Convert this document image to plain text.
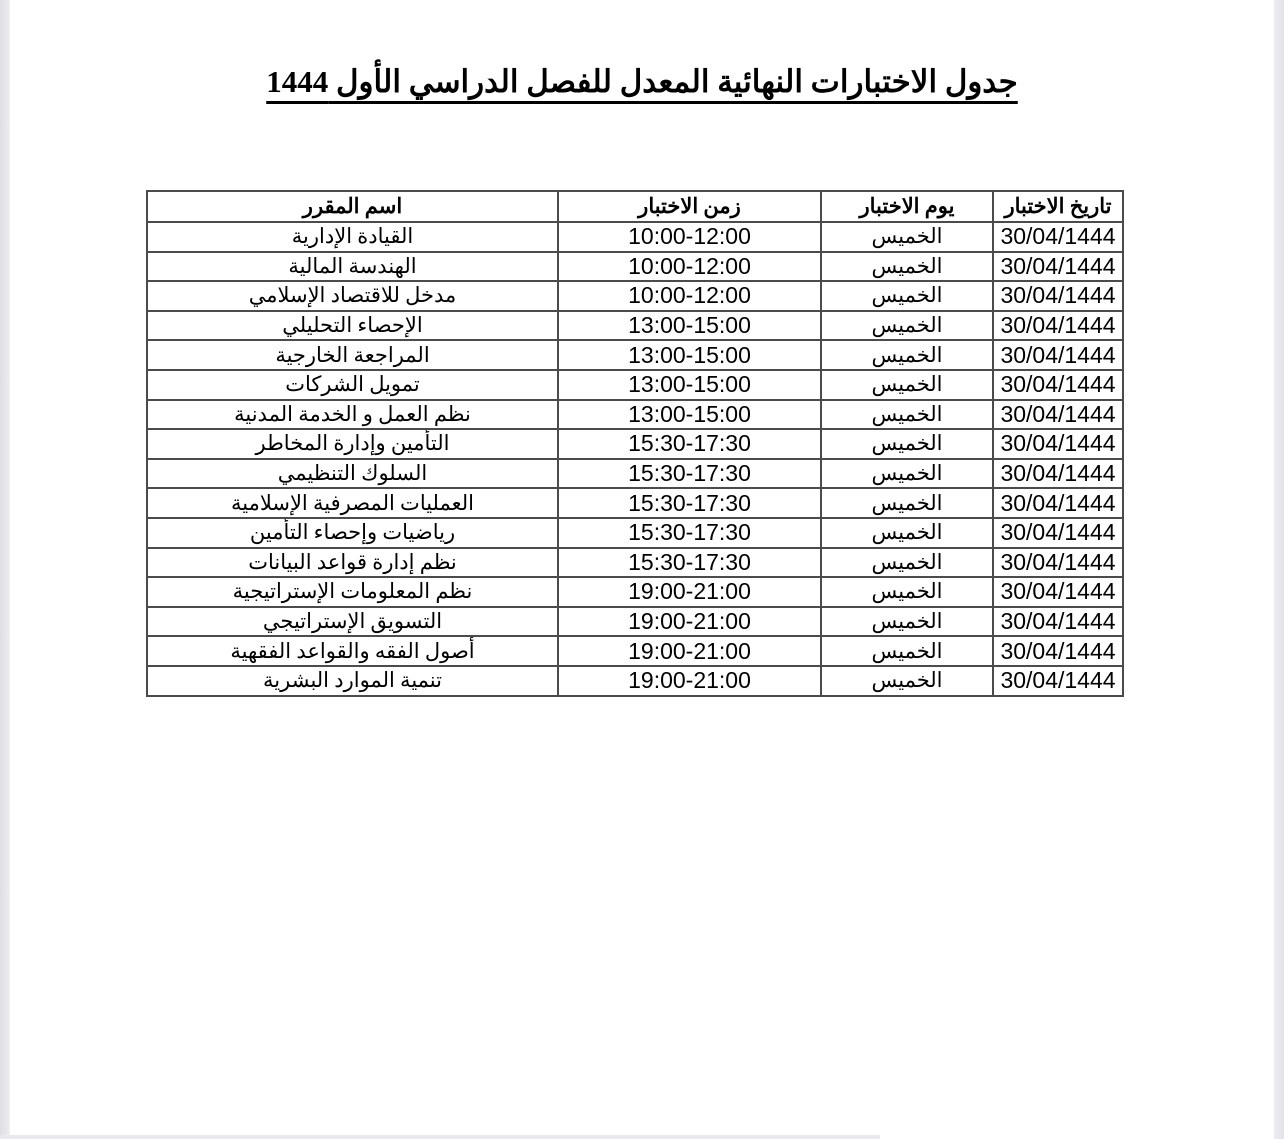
جدول الاختبارات النهائية المعدل للفصل الدراسي الأول 1444
تاريخ الاختبار	يوم الاختبار	زمن الاختبار	اسم المقرر
30/04/1444	الخميس	10:00-12:00	القيادة الإدارية
30/04/1444	الخميس	10:00-12:00	الهندسة المالية
30/04/1444	الخميس	10:00-12:00	مدخل للاقتصاد الإسلامي
30/04/1444	الخميس	13:00-15:00	الإحصاء التحليلي
30/04/1444	الخميس	13:00-15:00	المراجعة الخارجية
30/04/1444	الخميس	13:00-15:00	تمويل الشركات
30/04/1444	الخميس	13:00-15:00	نظم العمل و الخدمة المدنية
30/04/1444	الخميس	15:30-17:30	التأمين وإدارة المخاطر
30/04/1444	الخميس	15:30-17:30	السلوك التنظيمي
30/04/1444	الخميس	15:30-17:30	العمليات المصرفية الإسلامية
30/04/1444	الخميس	15:30-17:30	رياضيات وإحصاء التأمين
30/04/1444	الخميس	15:30-17:30	نظم إدارة قواعد البيانات
30/04/1444	الخميس	19:00-21:00	نظم المعلومات الإستراتيجية
30/04/1444	الخميس	19:00-21:00	التسويق الإستراتيجي
30/04/1444	الخميس	19:00-21:00	أصول الفقه والقواعد الفقهية
30/04/1444	الخميس	19:00-21:00	تنمية الموارد البشرية
